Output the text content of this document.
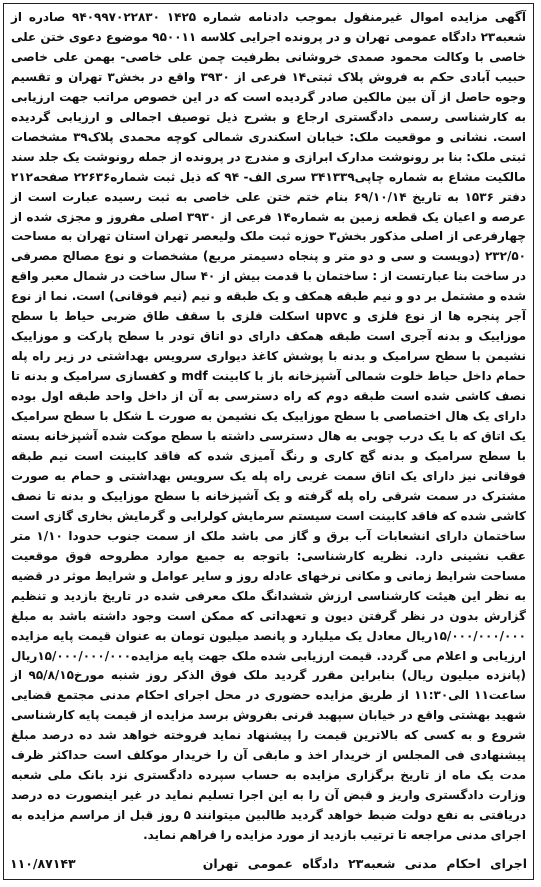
آگهی مزایده اموال غیرمنقول بموجب دادنامه شماره ۱۴۲۵ ۹۴۰۹۹۷۰۲۲۸۳۰ صادره از شعبه۲۳ دادگاه عمومی تهران و در پرونده اجرایی کلاسه ۹۵۰۰۱۱ موضوع دعوی ختن علی خاصی با وکالت محمود صمدی خروشانی بطرفیت چمن علی خاصی- بهمن علی خاصی حبیب آبادی حکم به فروش پلاک ثبتی۱۴ فرعی از ۳۹۳۰ واقع در بخش۳ تهران و تقسیم وجوه حاصل از آن بین مالکین صادر گردیده است که در این خصوص مراتب جهت ارزیابی به کارشناسی رسمی دادگستری ارجاع و بشرح ذیل توصیف اجمالی و ارزیابی گردیده است. نشانی و موقعیت ملک: خیابان اسکندری شمالی کوچه محمدی پلاک۳۹ مشخصات ثبتی ملک: بنا بر رونوشت مدارک ابرازی و مندرج در پرونده از جمله رونوشت یک جلد سند مالکیت مشاع به شماره چاپی۳۴۱۳۳۹ سری الف- ۹۴ که ذیل ثبت شماره۲۲۶۳۶ صفحه۲۱۲ دفتر ۱۵۳۶ به تاریخ ۶۹/۱۰/۱۴ بنام ختم ختن علی خاصی به ثبت رسیده عبارت است از عرصه و اعیان یک قطعه زمین به شماره۱۴ فرعی از ۳۹۳۰ اصلی مفروز و مجزی شده از چهارفرعی از اصلی مذکور بخش۳ حوزه ثبت ملک ولیعصر تهران استان تهران به مساحت ۲۳۲/۵۰ (دویست و سی و دو متر و پنجاه دسیمتر مربع) مشخصات و نوع مصالح مصرفی در ساخت بنا عبارتست از : ساختمان با قدمت بیش از ۴۰ سال ساخت در شمال معبر واقع شده و مشتمل بر دو و نیم طبقه همکف و یک طبقه و نیم (نیم فوقانی) است. نما از نوع آجر پنجره ها از نوع فلزی و upvc اسکلت فلزی با سقف طاق ضربی حیاط با سطح موزاییک و بدنه آجری است طبقه همکف دارای دو اتاق تودر با سطح پارکت و موزاییک نشیمن با سطح سرامیک و بدنه با پوشش کاغذ دیواری سرویس بهداشتی در زیر راه پله حمام داخل حیاط خلوت شمالی آشپزخانه باز با کابینت mdf و کفسازی سرامیک و بدنه تا نصف کاشی شده است طبقه دوم که راه دسترسی به آن از داخل واحد طبقه اول بوده دارای یک هال اختصاصی با سطح موزاییک یک نشیمن به صورت L شکل با سطح سرامیک یک اتاق که با یک درب چوبی به هال دسترسی داشته با سطح موکت شده آشپزخانه بسته با سطح سرامیک و بدنه گچ کاری و رنگ آمیزی شده که فاقد کابینت است نیم طبقه فوقانی نیز دارای یک اتاق سمت غربی راه پله یک سرویس بهداشتی و حمام به صورت مشترک در سمت شرقی راه پله گرفته و یک آشپزخانه با سطح موزاییک و بدنه تا نصف کاشی شده که فاقد کابینت است سیستم سرمایش کولرابی و گرمایش بخاری گازی است ساختمان دارای انشعابات آب برق و گاز می باشد ملک از سمت جنوب حدودا ۱/۱۰ متر عقب نشینی دارد. نظریه کارشناسی: باتوجه به جمیع موارد مطروحه فوق موقعیت مساحت شرایط زمانی و مکانی نرخهای عادله روز و سایر عوامل و شرایط موثر در قضیه به نظر این هیئت کارشناسی ارزش ششدانگ ملک معرفی شده در تاریخ بازدید و تنظیم گزارش بدون در نظر گرفتن دیون و تعهداتی که ممکن است وجود داشته باشد به مبلغ ۱۵/۰۰۰/۰۰۰/۰۰۰ریال معادل یک میلیارد و پانصد میلیون تومان به عنوان قیمت پایه مزایده ارزیابی و اعلام می گردد. قیمت ارزیابی شده ملک جهت پایه مزایده۱۵/۰۰۰/۰۰۰/۰۰۰ریال (پانزده میلیون ریال) بنابراین مقرر گردید ملک فوق الذکر روز شنبه مورخ۹۵/۸/۱۵ از ساعت۱۱ الی۱۱:۳۰ از طریق مزایده حضوری در محل اجرای احکام مدنی مجتمع قضایی شهید بهشتی واقع در خیابان سپهبد قرنی بفروش برسد مزایده از قیمت پایه کارشناسی شروع و به کسی که بالاترین قیمت را پیشنهاد نماید فروخته خواهد شد ده درصد مبلغ پیشنهادی فی المجلس از خریدار اخذ و مابقی آن را خریدار موکلف است حداکثر ظرف مدت یک ماه از تاریخ برگزاری مزایده به حساب سپرده دادگستری نزد بانک ملی شعبه وزارت دادگستری واریز و قبض آن را به این اجرا تسلیم نماید در غیر اینصورت ده درصد دریافتی به نفع دولت ضبط خواهد گردید طالبین میتوانند ۵ روز قبل از مراسم مزایده به اجرای مدنی مراجعه تا ترتیب بازدید از مورد مزایده را فراهم نماید.

اجرای احکام مدنی شعبه۲۳ دادگاه عمومی تهران
۱۱۰/۸۷۱۴۳
